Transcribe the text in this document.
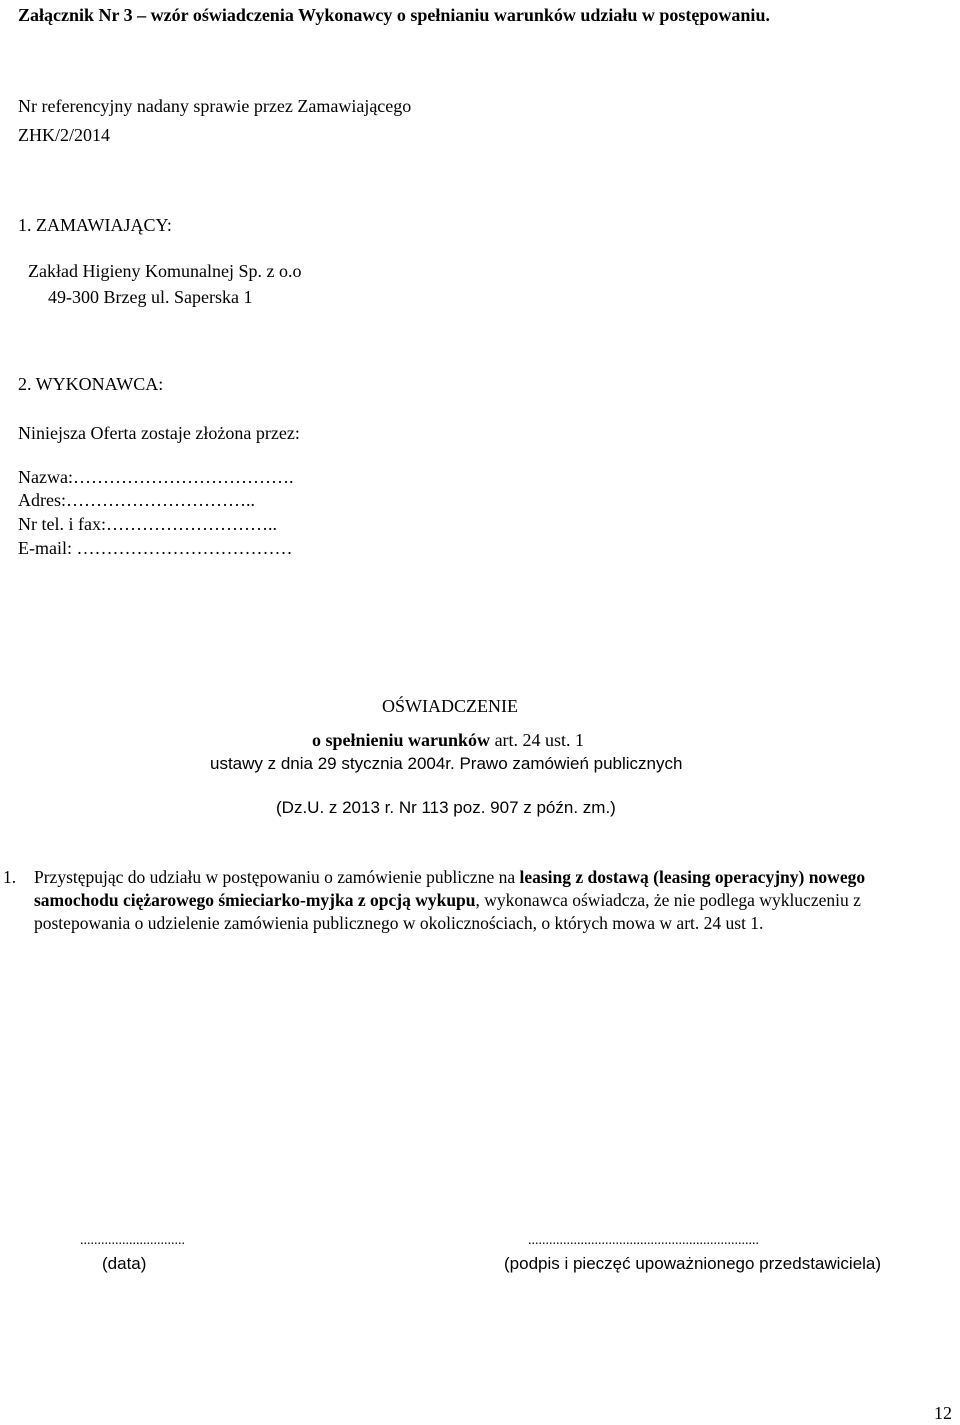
Załącznik Nr 3 – wzór oświadczenia Wykonawcy o spełnianiu warunków udziału w postępowaniu.
Nr referencyjny nadany sprawie przez Zamawiającego
ZHK/2/2014
1. ZAMAWIAJĄCY:
Zakład Higieny Komunalnej Sp. z o.o
49-300 Brzeg ul. Saperska 1
2. WYKONAWCA:
Niniejsza Oferta zostaje złożona przez:
Nazwa:……………………………….
Adres:…………………………..
Nr tel. i fax:………………………..
E-mail: ………………………………
OŚWIADCZENIE
o spełnieniu warunków art. 24 ust. 1
ustawy z dnia 29 stycznia 2004r. Prawo zamówień publicznych
(Dz.U. z 2013 r. Nr 113 poz. 907 z późn. zm.)
1. Przystępując do udziału w postępowaniu o zamówienie publiczne na leasing z dostawą (leasing operacyjny) nowego samochodu ciężarowego śmieciarko-myjka z opcją wykupu, wykonawca oświadcza, że nie podlega wykluczeniu z postepowania o udzielenie zamówienia publicznego w okolicznościach, o których mowa w art. 24 ust 1.
..............................
(data)
..................................................................
(podpis i pieczęć upoważnionego przedstawiciela)
12
